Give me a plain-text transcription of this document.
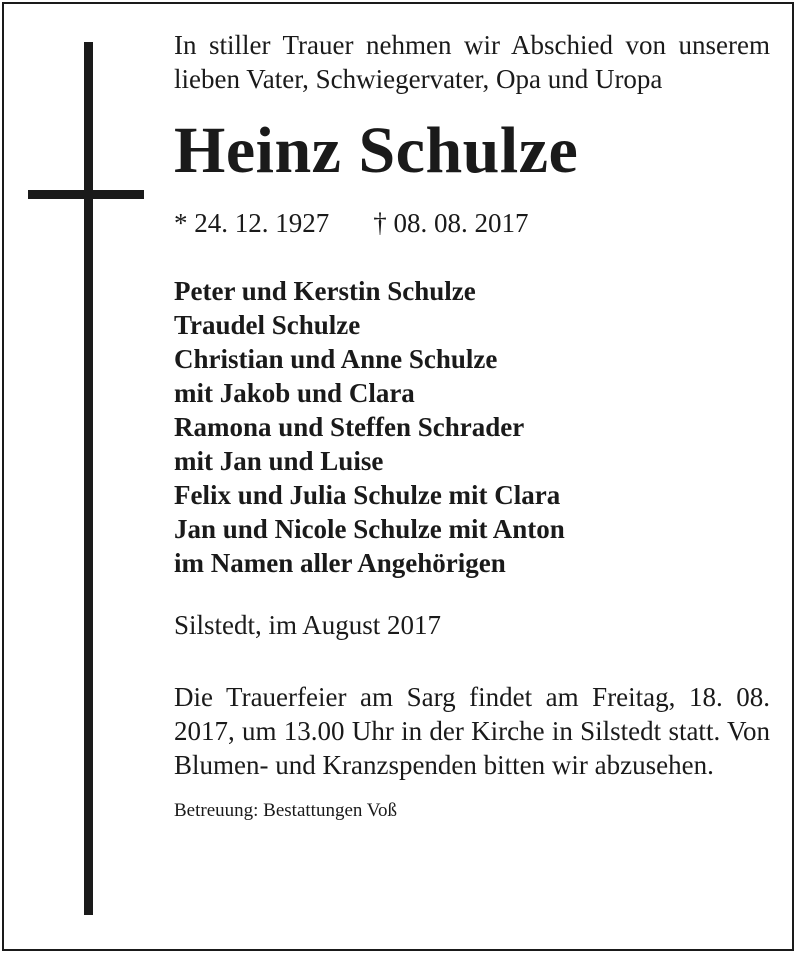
In stiller Trauer nehmen wir Abschied von unserem lieben Vater, Schwiegervater, Opa und Uropa

Heinz Schulze
* 24. 12. 1927 † 08. 08. 2017
Peter und Kerstin Schulze
Traudel Schulze
Christian und Anne Schulze
mit Jakob und Clara
Ramona und Steffen Schrader
mit Jan und Luise
Felix und Julia Schulze mit Clara
Jan und Nicole Schulze mit Anton
im Namen aller Angehörigen

Silstedt, im August 2017

Die Trauerfeier am Sarg findet am Freitag, 18. 08. 2017, um 13.00 Uhr in der Kirche in Silstedt statt. Von Blumen- und Kranzspenden bitten wir abzusehen.

Betreuung: Bestattungen Voß
